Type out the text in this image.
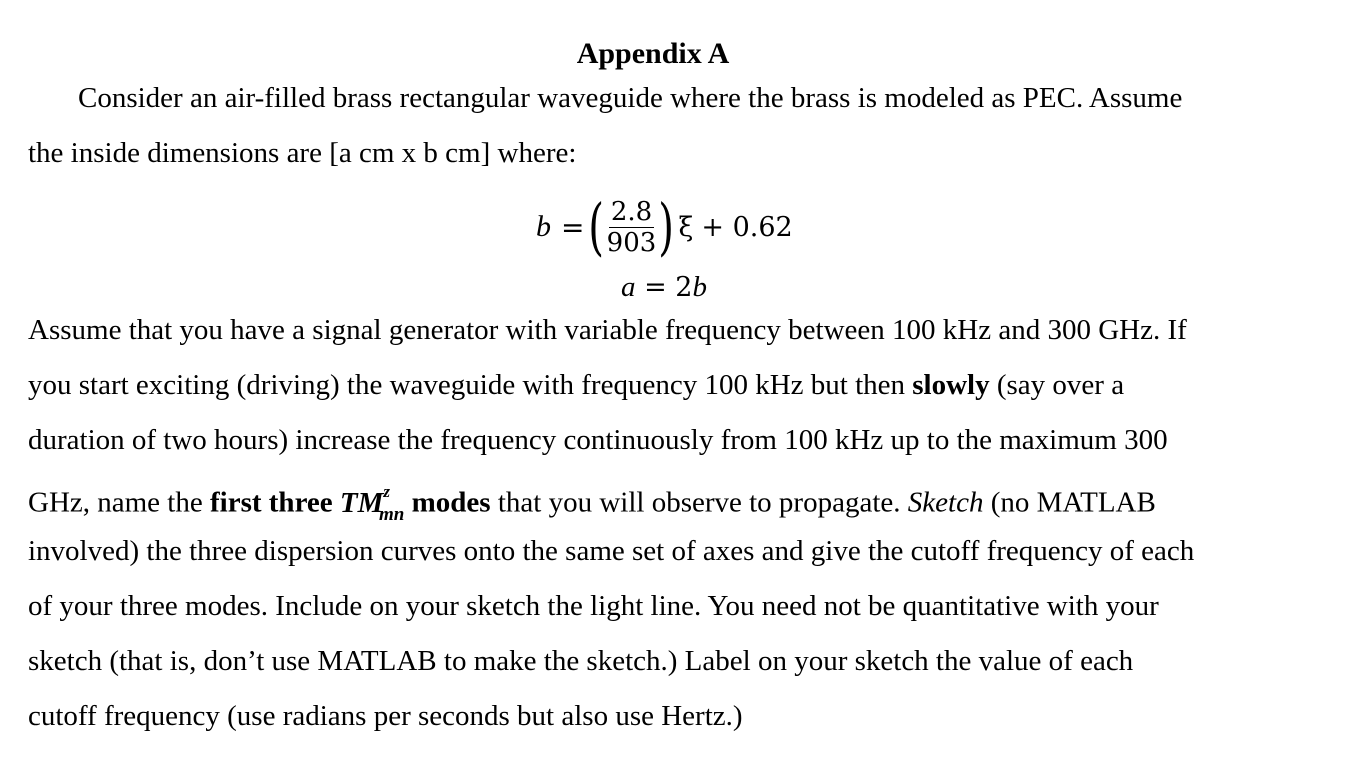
Appendix A
Consider an air-filled brass rectangular waveguide where the brass is modeled as PEC. Assume
the inside dimensions are [a cm x b cm] where:
b = ( $\frac{2.8}{903}$ ) ξ + 0.62
a = 2b
Assume that you have a signal generator with variable frequency between 100 kHz and 300 GHz. If
you start exciting (driving) the waveguide with frequency 100 kHz but then slowly (say over a
duration of two hours) increase the frequency continuously from 100 kHz up to the maximum 300
GHz, name the first three $TM^z_{mn}$ modes that you will observe to propagate. Sketch (no MATLAB
involved) the three dispersion curves onto the same set of axes and give the cutoff frequency of each
of your three modes. Include on your sketch the light line. You need not be quantitative with your
sketch (that is, don’t use MATLAB to make the sketch.) Label on your sketch the value of each
cutoff frequency (use radians per seconds but also use Hertz.)
